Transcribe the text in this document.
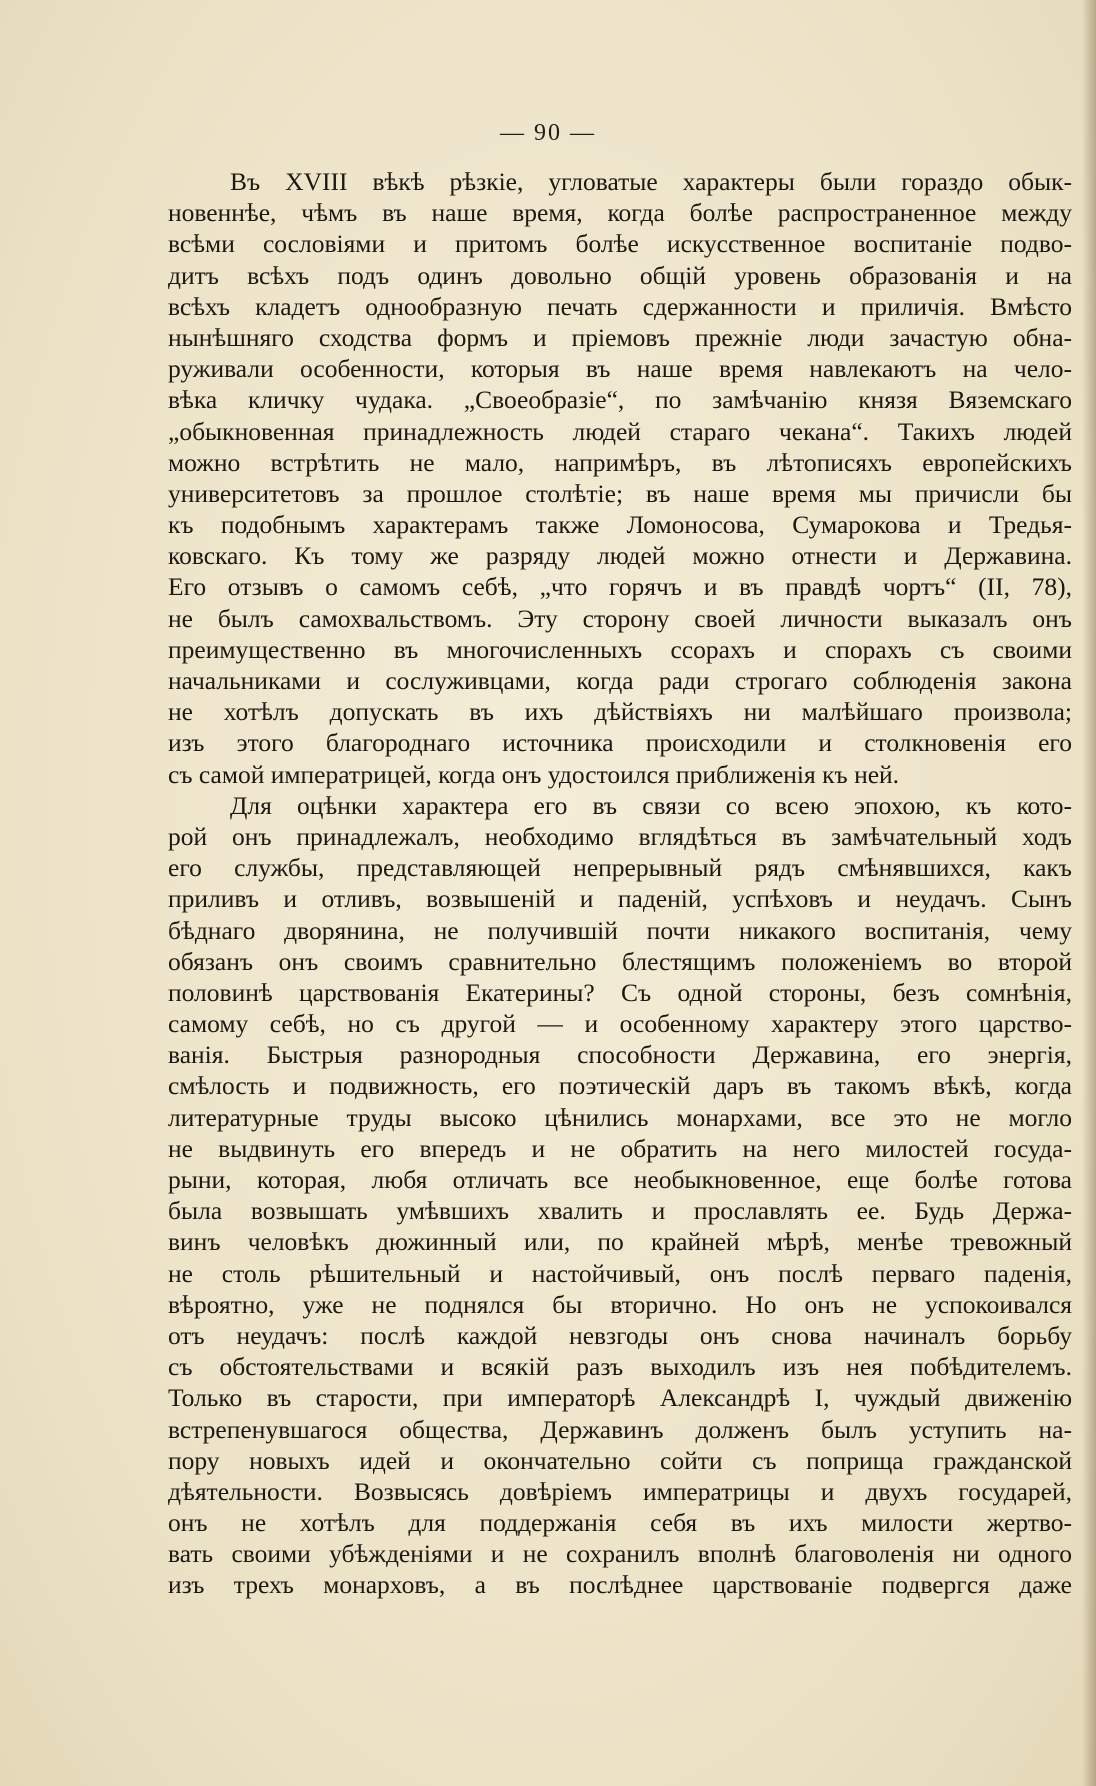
— 90 —
Въ XVIII вѣкѣ рѣзкіе, угловатые характеры были гораздо обык-
новеннѣе, чѣмъ въ наше время, когда болѣе распространенное между
всѣми сословіями и притомъ болѣе искусственное воспитаніе подво-
дитъ всѣхъ подъ одинъ довольно общій уровень образованія и на
всѣхъ кладетъ однообразную печать сдержанности и приличія. Вмѣсто
нынѣшняго сходства формъ и пріемовъ прежніе люди зачастую обна-
руживали особенности, которыя въ наше время навлекаютъ на чело-
вѣка кличку чудака. „Своеобразіе“, по замѣчанію князя Вяземскаго
„обыкновенная принадлежность людей стараго чекана“. Такихъ людей
можно встрѣтить не мало, напримѣръ, въ лѣтописяхъ европейскихъ
университетовъ за прошлое столѣтіе; въ наше время мы причисли бы
къ подобнымъ характерамъ также Ломоносова, Сумарокова и Тредья-
ковскаго. Къ тому же разряду людей можно отнести и Державина.
Его отзывъ о самомъ себѣ, „что горячъ и въ правдѣ чортъ“ (II, 78),
не былъ самохвальствомъ. Эту сторону своей личности выказалъ онъ
преимущественно въ многочисленныхъ ссорахъ и спорахъ съ своими
начальниками и сослуживцами, когда ради строгаго соблюденія закона
не хотѣлъ допускать въ ихъ дѣйствіяхъ ни малѣйшаго произвола;
изъ этого благороднаго источника происходили и столкновенія его
съ самой императрицей, когда онъ удостоился приближенія къ ней.
Для оцѣнки характера его въ связи со всею эпохою, къ кото-
рой онъ принадлежалъ, необходимо вглядѣться въ замѣчательный ходъ
его службы, представляющей непрерывный рядъ смѣнявшихся, какъ
приливъ и отливъ, возвышеній и паденій, успѣховъ и неудачъ. Сынъ
бѣднаго дворянина, не получившій почти никакого воспитанія, чему
обязанъ онъ своимъ сравнительно блестящимъ положеніемъ во второй
половинѣ царствованія Екатерины? Съ одной стороны, безъ сомнѣнія,
самому себѣ, но съ другой — и особенному характеру этого царство-
ванія. Быстрыя разнородныя способности Державина, его энергія,
смѣлость и подвижность, его поэтическій даръ въ такомъ вѣкѣ, когда
литературные труды высоко цѣнились монархами, все это не могло
не выдвинуть его впередъ и не обратить на него милостей госуда-
рыни, которая, любя отличать все необыкновенное, еще болѣе готова
была возвышать умѣвшихъ хвалить и прославлять ее. Будь Держа-
винъ человѣкъ дюжинный или, по крайней мѣрѣ, менѣе тревожный
не столь рѣшительный и настойчивый, онъ послѣ перваго паденія,
вѣроятно, уже не поднялся бы вторично. Но онъ не успокоивался
отъ неудачъ: послѣ каждой невзгоды онъ снова начиналъ борьбу
съ обстоятельствами и всякій разъ выходилъ изъ нея побѣдителемъ.
Только въ старости, при императорѣ Александрѣ I, чуждый движенію
встрепенувшагося общества, Державинъ долженъ былъ уступить на-
пору новыхъ идей и окончательно сойти съ поприща гражданской
дѣятельности. Возвысясь довѣріемъ императрицы и двухъ государей,
онъ не хотѣлъ для поддержанія себя въ ихъ милости жертво-
вать своими убѣжденіями и не сохранилъ вполнѣ благоволенія ни одного
изъ трехъ монарховъ, а въ послѣднее царствованіе подвергся даже
